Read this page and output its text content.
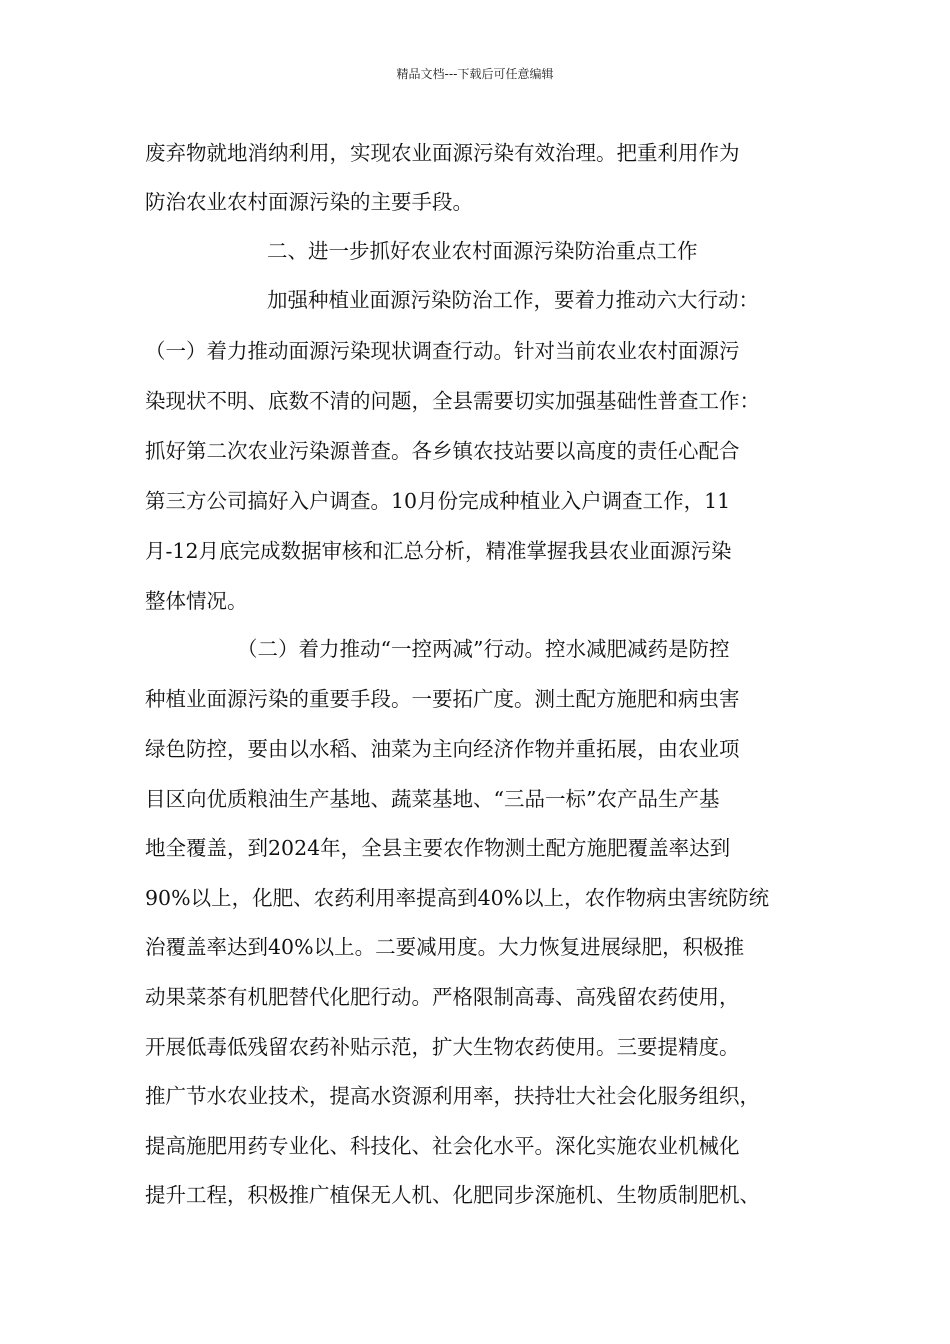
精品文档---下载后可任意编辑
废弃物就地消纳利用，实现农业面源污染有效治理。把重利用作为
防治农业农村面源污染的主要手段。
二、进一步抓好农业农村面源污染防治重点工作
加强种植业面源污染防治工作，要着力推动六大行动：
（一）着力推动面源污染现状调查行动。针对当前农业农村面源污
染现状不明、底数不清的问题，全县需要切实加强基础性普查工作：
抓好第二次农业污染源普查。各乡镇农技站要以高度的责任心配合
第三方公司搞好入户调查。10月份完成种植业入户调查工作，11
月-12月底完成数据审核和汇总分析，精准掌握我县农业面源污染
整体情况。
（二）着力推动“一控两减”行动。控水减肥减药是防控
种植业面源污染的重要手段。一要拓广度。测土配方施肥和病虫害
绿色防控，要由以水稻、油菜为主向经济作物并重拓展，由农业项
目区向优质粮油生产基地、蔬菜基地、“三品一标”农产品生产基
地全覆盖，到2024年，全县主要农作物测土配方施肥覆盖率达到
90%以上，化肥、农药利用率提高到40%以上，农作物病虫害统防统
治覆盖率达到40%以上。二要减用度。大力恢复进展绿肥，积极推
动果菜茶有机肥替代化肥行动。严格限制高毒、高残留农药使用，
开展低毒低残留农药补贴示范，扩大生物农药使用。三要提精度。
推广节水农业技术，提高水资源利用率，扶持壮大社会化服务组织，
提高施肥用药专业化、科技化、社会化水平。深化实施农业机械化
提升工程，积极推广植保无人机、化肥同步深施机、生物质制肥机、
